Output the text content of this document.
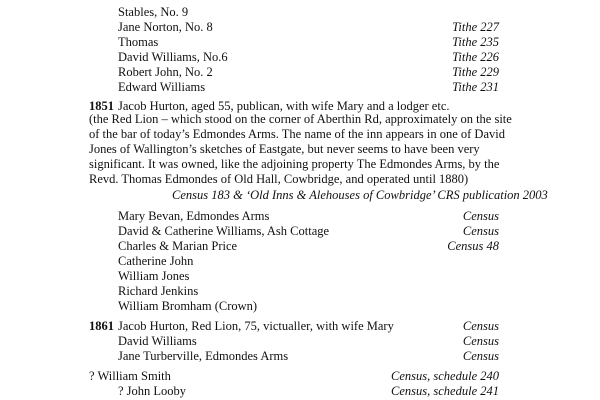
Stables, No. 9
Jane Norton, No. 8	Tithe 227
Thomas	Tithe 235
David Williams, No.6	Tithe 226
Robert John, No. 2	Tithe 229
Edward Williams	Tithe 231
1851 Jacob Hurton, aged 55, publican, with wife Mary and a lodger etc.
(the Red Lion – which stood on the corner of Aberthin Rd, approximately on the site of the bar of today’s Edmondes Arms. The name of the inn appears in one of David Jones of Wallington’s sketches of Eastgate, but never seems to have been very significant. It was owned, like the adjoining property The Edmondes Arms, by the Revd. Thomas Edmondes of Old Hall, Cowbridge, and operated until 1880)
Census 183 & ‘Old Inns & Alehouses of Cowbridge’ CRS publication 2003
Mary Bevan, Edmondes Arms	Census
David & Catherine Williams, Ash Cottage	Census
Charles & Marian Price	Census 48
Catherine John
William Jones
Richard Jenkins
William Bromham (Crown)
1861 Jacob Hurton, Red Lion, 75, victualler, with wife Mary	Census
David Williams	Census
Jane Turberville, Edmondes Arms	Census
? William Smith	Census, schedule 240
? John Looby	Census, schedule 241
